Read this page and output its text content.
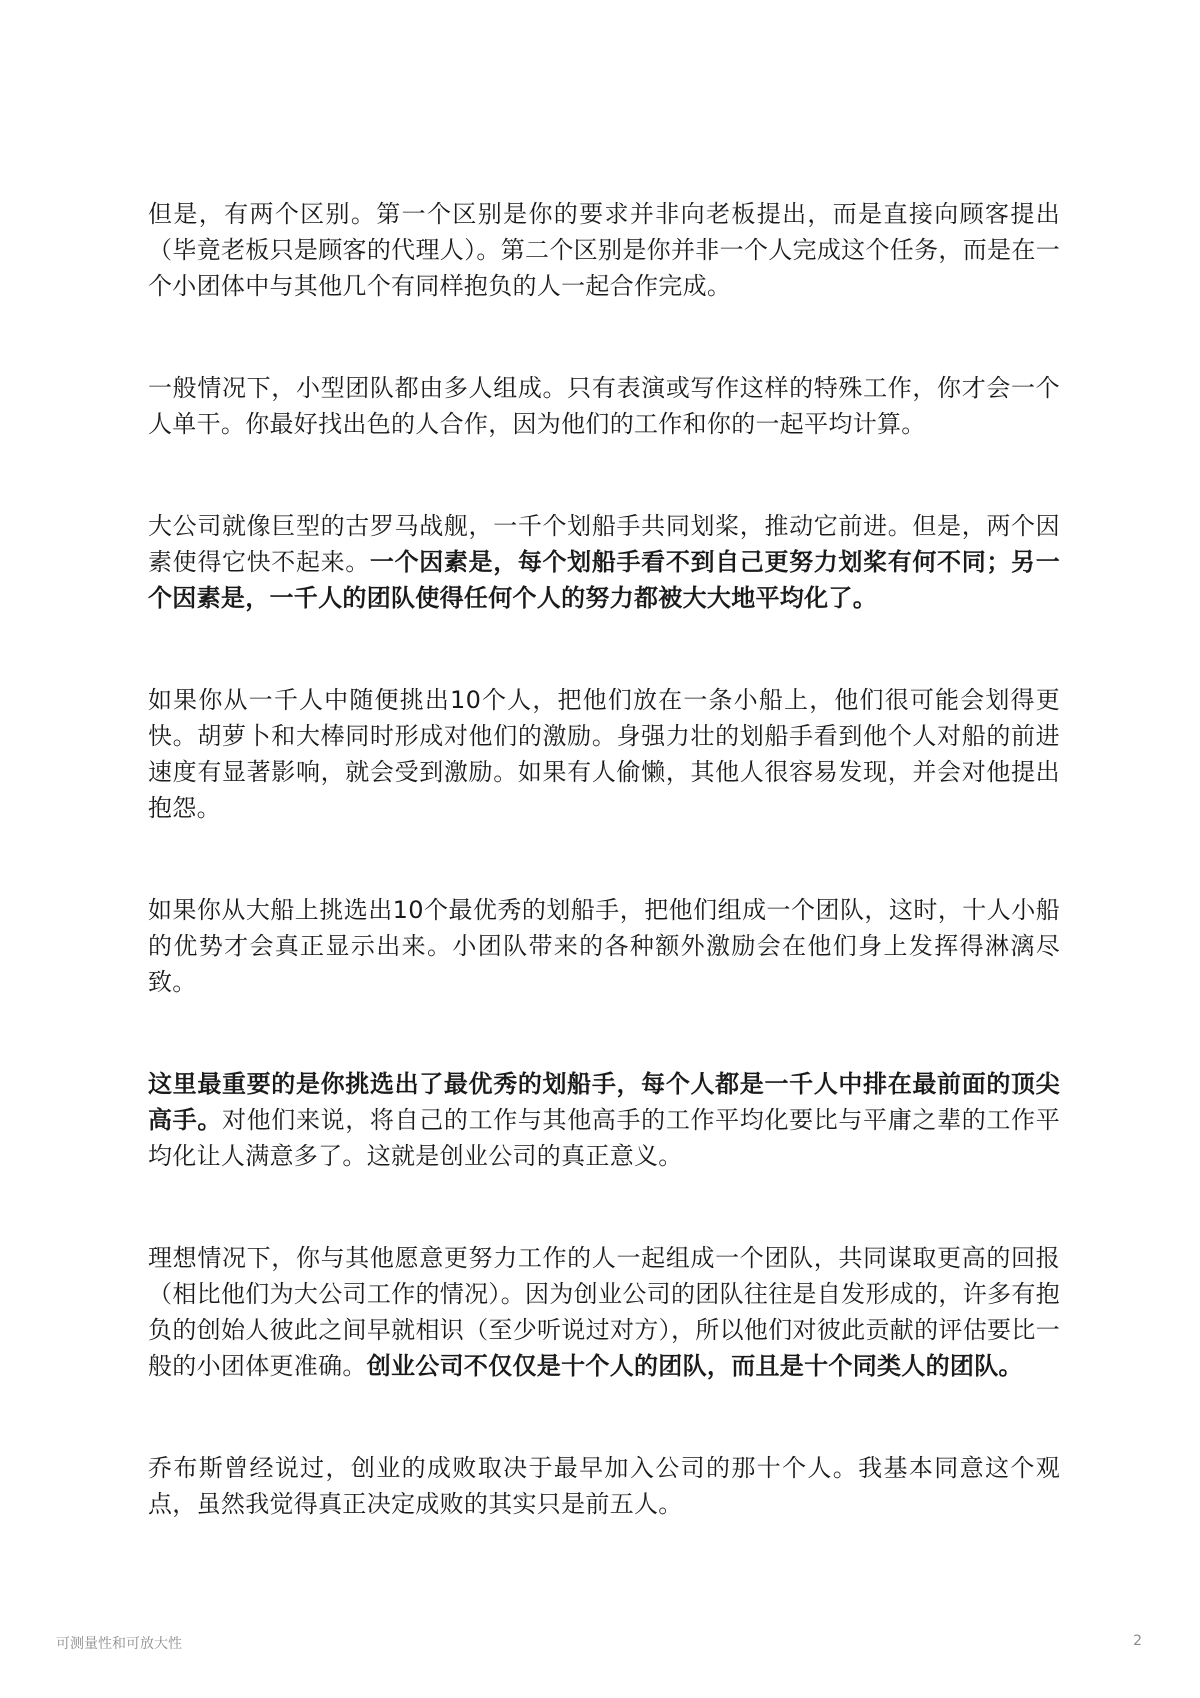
但是，有两个区别。第一个区别是你的要求并非向老板提出，而是直接向顾客提出（毕竟老板只是顾客的代理人）。第二个区别是你并非一个人完成这个任务，而是在一个小团体中与其他几个有同样抱负的人一起合作完成。

一般情况下，小型团队都由多人组成。只有表演或写作这样的特殊工作，你才会一个人单干。你最好找出色的人合作，因为他们的工作和你的一起平均计算。

大公司就像巨型的古罗马战舰，一千个划船手共同划桨，推动它前进。但是，两个因素使得它快不起来。一个因素是，每个划船手看不到自己更努力划桨有何不同；另一个因素是，一千人的团队使得任何个人的努力都被大大地平均化了。

如果你从一千人中随便挑出10个人，把他们放在一条小船上，他们很可能会划得更快。胡萝卜和大棒同时形成对他们的激励。身强力壮的划船手看到他个人对船的前进速度有显著影响，就会受到激励。如果有人偷懒，其他人很容易发现，并会对他提出抱怨。

如果你从大船上挑选出10个最优秀的划船手，把他们组成一个团队，这时，十人小船的优势才会真正显示出来。小团队带来的各种额外激励会在他们身上发挥得淋漓尽致。

这里最重要的是你挑选出了最优秀的划船手，每个人都是一千人中排在最前面的顶尖高手。对他们来说，将自己的工作与其他高手的工作平均化要比与平庸之辈的工作平均化让人满意多了。这就是创业公司的真正意义。

理想情况下，你与其他愿意更努力工作的人一起组成一个团队，共同谋取更高的回报（相比他们为大公司工作的情况）。因为创业公司的团队往往是自发形成的，许多有抱负的创始人彼此之间早就相识（至少听说过对方），所以他们对彼此贡献的评估要比一般的小团体更准确。创业公司不仅仅是十个人的团队，而且是十个同类人的团队。

乔布斯曾经说过，创业的成败取决于最早加入公司的那十个人。我基本同意这个观点，虽然我觉得真正决定成败的其实只是前五人。

可测量性和可放大性	2
